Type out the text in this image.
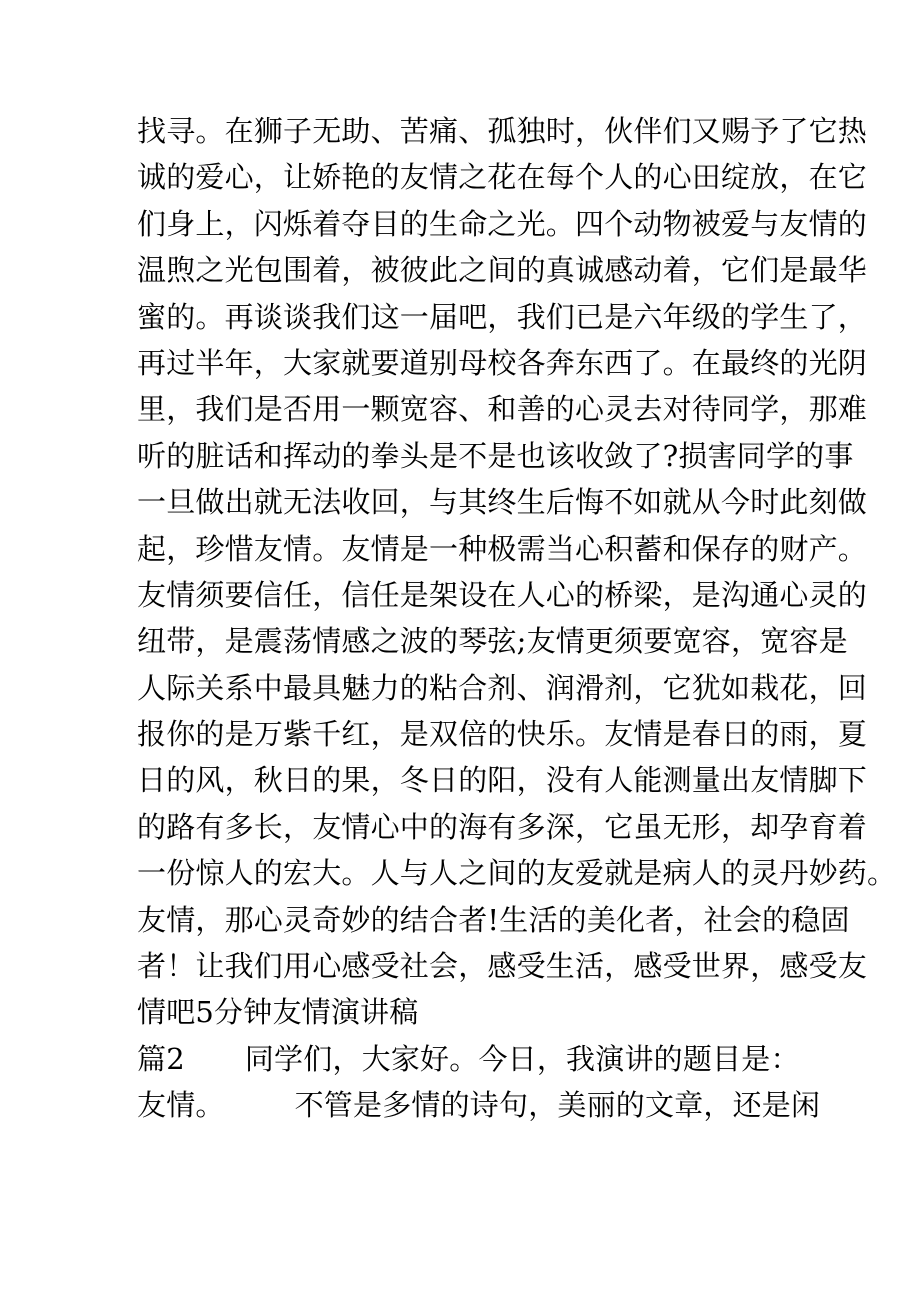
找寻。在狮子无助、苦痛、孤独时，伙伴们又赐予了它热
诚的爱心，让娇艳的友情之花在每个人的心田绽放，在它
们身上，闪烁着夺目的生命之光。四个动物被爱与友情的
温煦之光包围着，被彼此之间的真诚感动着，它们是最华
蜜的。再谈谈我们这一届吧，我们已是六年级的学生了，
再过半年，大家就要道别母校各奔东西了。在最终的光阴
里，我们是否用一颗宽容、和善的心灵去对待同学，那难
听的脏话和挥动的拳头是不是也该收敛了?损害同学的事
一旦做出就无法收回，与其终生后悔不如就从今时此刻做
起，珍惜友情。友情是一种极需当心积蓄和保存的财产。
友情须要信任，信任是架设在人心的桥梁，是沟通心灵的
纽带，是震荡情感之波的琴弦;友情更须要宽容，宽容是
人际关系中最具魅力的粘合剂、润滑剂，它犹如栽花，回
报你的是万紫千红，是双倍的快乐。友情是春日的雨，夏
日的风，秋日的果，冬日的阳，没有人能测量出友情脚下
的路有多长，友情心中的海有多深，它虽无形，却孕育着
一份惊人的宏大。人与人之间的友爱就是病人的灵丹妙药。
友情，那心灵奇妙的结合者!生活的美化者，社会的稳固
者！让我们用心感受社会，感受生活，感受世界，感受友
情吧5分钟友情演讲稿
篇2 同学们，大家好。今日，我演讲的题目是：
友情。 不管是多情的诗句，美丽的文章，还是闲
